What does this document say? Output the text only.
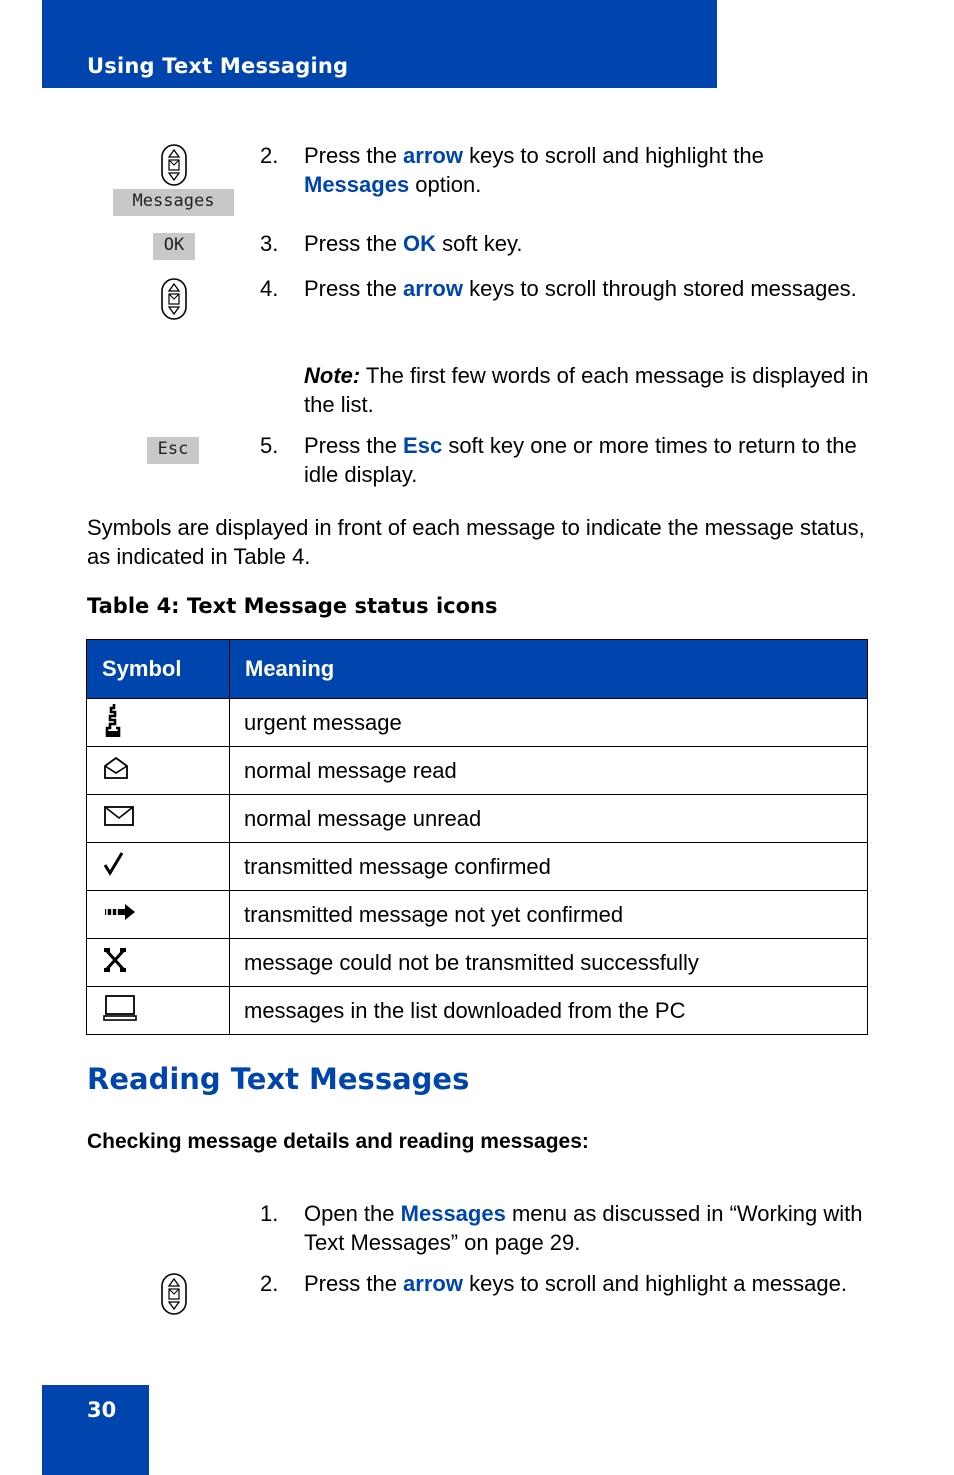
Using Text Messaging
Messages
2. Press the arrow keys to scroll and highlight the Messages option.
OK	3. Press the OK soft key.
4. Press the arrow keys to scroll through stored messages.
Note: The first few words of each message is displayed in the list.
Esc	5. Press the Esc soft key one or more times to return to the idle display.
Symbols are displayed in front of each message to indicate the message status, as indicated in Table 4.
Table 4: Text Message status icons
Symbol	Meaning
	urgent message
	normal message read
	normal message unread
	transmitted message confirmed
	transmitted message not yet confirmed
	message could not be transmitted successfully
	messages in the list downloaded from the PC
Reading Text Messages
Checking message details and reading messages:
1. Open the Messages menu as discussed in “Working with Text Messages” on page 29.
2. Press the arrow keys to scroll and highlight a message.
30
